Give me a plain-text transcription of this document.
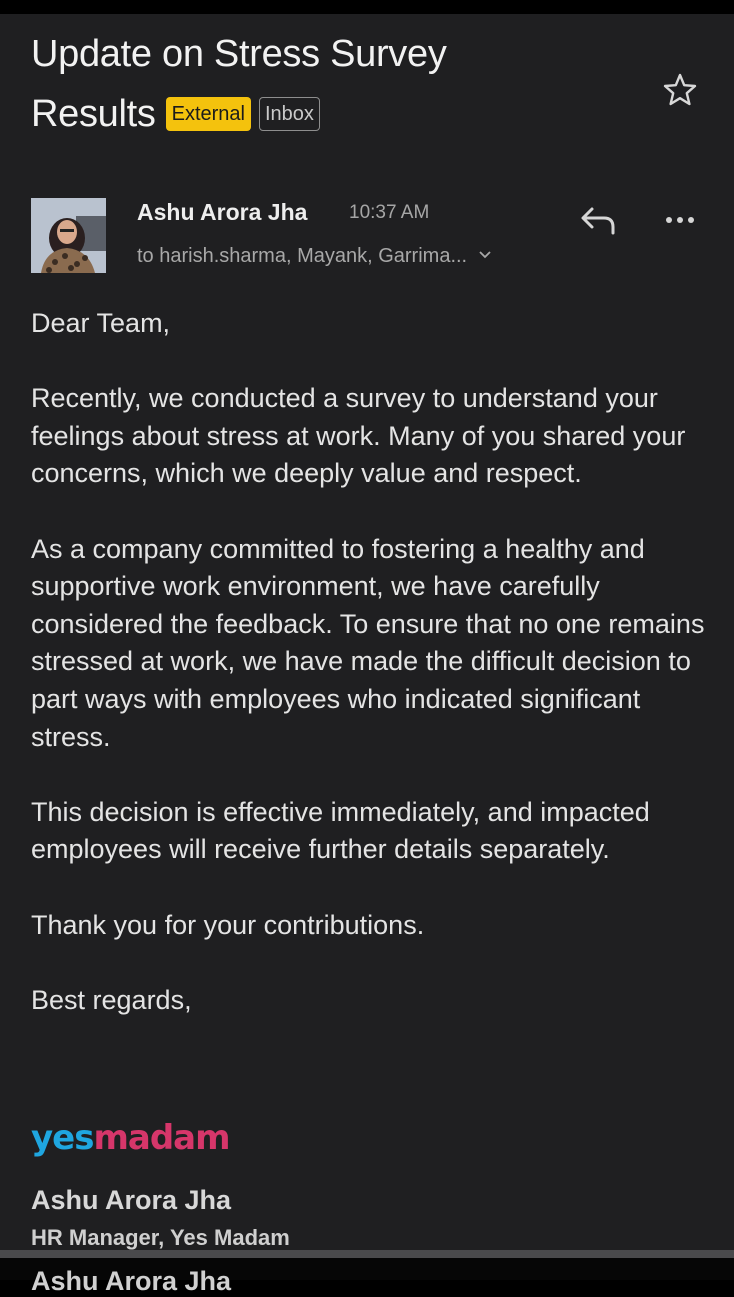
Update on Stress Survey
Results External Inbox
Ashu Arora Jha 10:37 AM
to harish.sharma, Mayank, Garrima...

Dear Team,

Recently, we conducted a survey to understand your feelings about stress at work. Many of you shared your concerns, which we deeply value and respect.

As a company committed to fostering a healthy and supportive work environment, we have carefully considered the feedback. To ensure that no one remains stressed at work, we have made the difficult decision to part ways with employees who indicated significant stress.

This decision is effective immediately, and impacted employees will receive further details separately.

Thank you for your contributions.

Best regards,

yesmadam
Ashu Arora Jha
HR Manager, Yes Madam
Ashu Arora Jha
